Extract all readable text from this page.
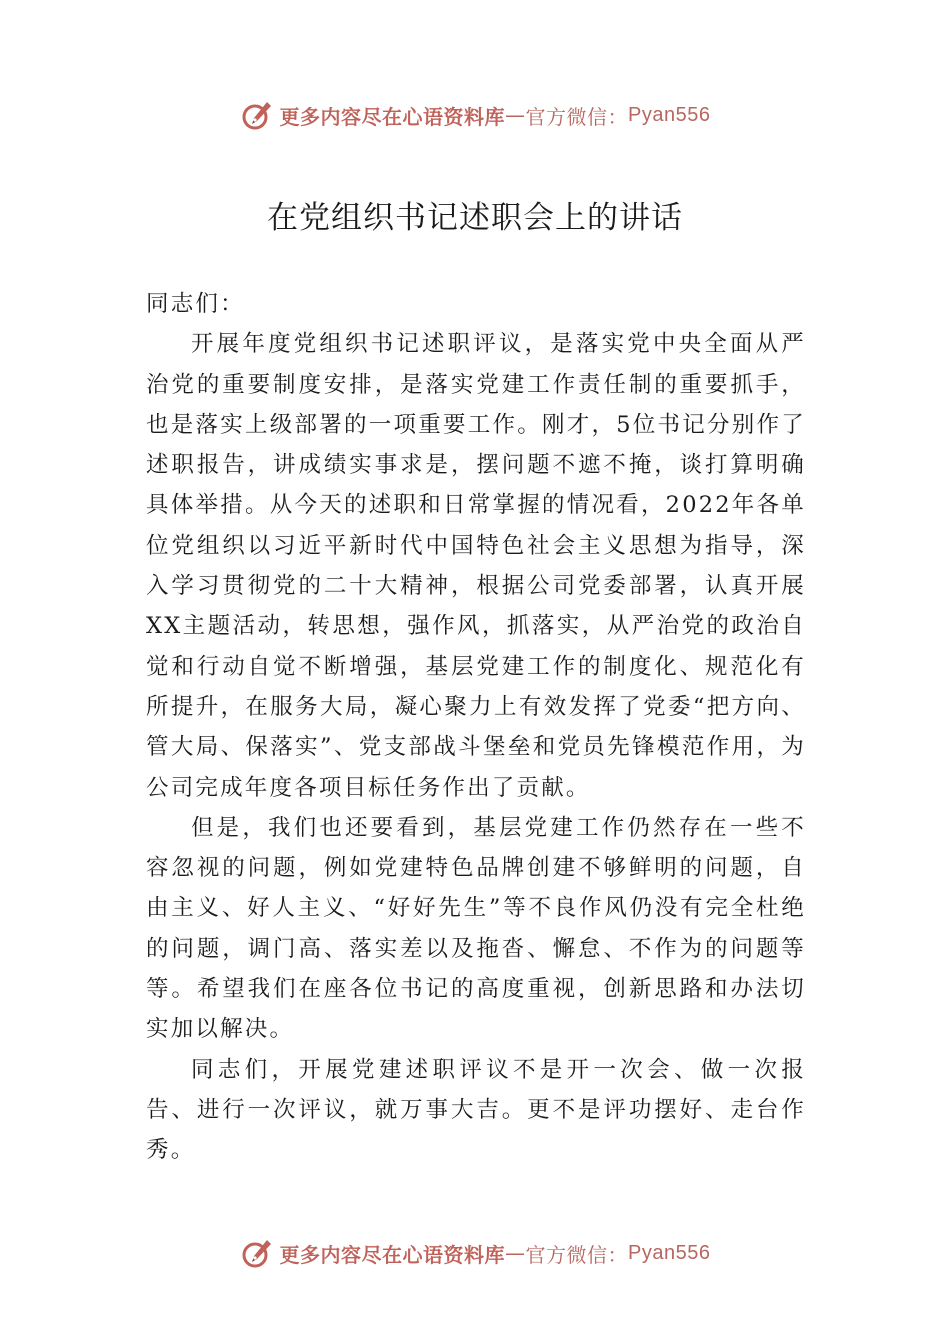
更多内容尽在心语资料库 — 官方微信： Pyan556
在党组织书记述职会上的讲话

同志们：

开展年度党组织书记述职评议，是落实党中央全面从严治党的重要制度安排，是落实党建工作责任制的重要抓手，也是落实上级部署的一项重要工作。刚才，5位书记分别作了述职报告，讲成绩实事求是，摆问题不遮不掩，谈打算明确具体举措。从今天的述职和日常掌握的情况看，2022年各单位党组织以习近平新时代中国特色社会主义思想为指导，深入学习贯彻党的二十大精神，根据公司党委部署，认真开展XX主题活动，转思想，强作风，抓落实，从严治党的政治自觉和行动自觉不断增强，基层党建工作的制度化、规范化有所提升，在服务大局，凝心聚力上有效发挥了党委“把方向、管大局、保落实”、党支部战斗堡垒和党员先锋模范作用，为公司完成年度各项目标任务作出了贡献。

但是，我们也还要看到，基层党建工作仍然存在一些不容忽视的问题，例如党建特色品牌创建不够鲜明的问题，自由主义、好人主义、“好好先生”等不良作风仍没有完全杜绝的问题，调门高、落实差以及拖沓、懈怠、不作为的问题等等。希望我们在座各位书记的高度重视，创新思路和办法切实加以解决。

同志们，开展党建述职评议不是开一次会、做一次报告、进行一次评议，就万事大吉。更不是评功摆好、走台作秀。

更多内容尽在心语资料库 — 官方微信： Pyan556
